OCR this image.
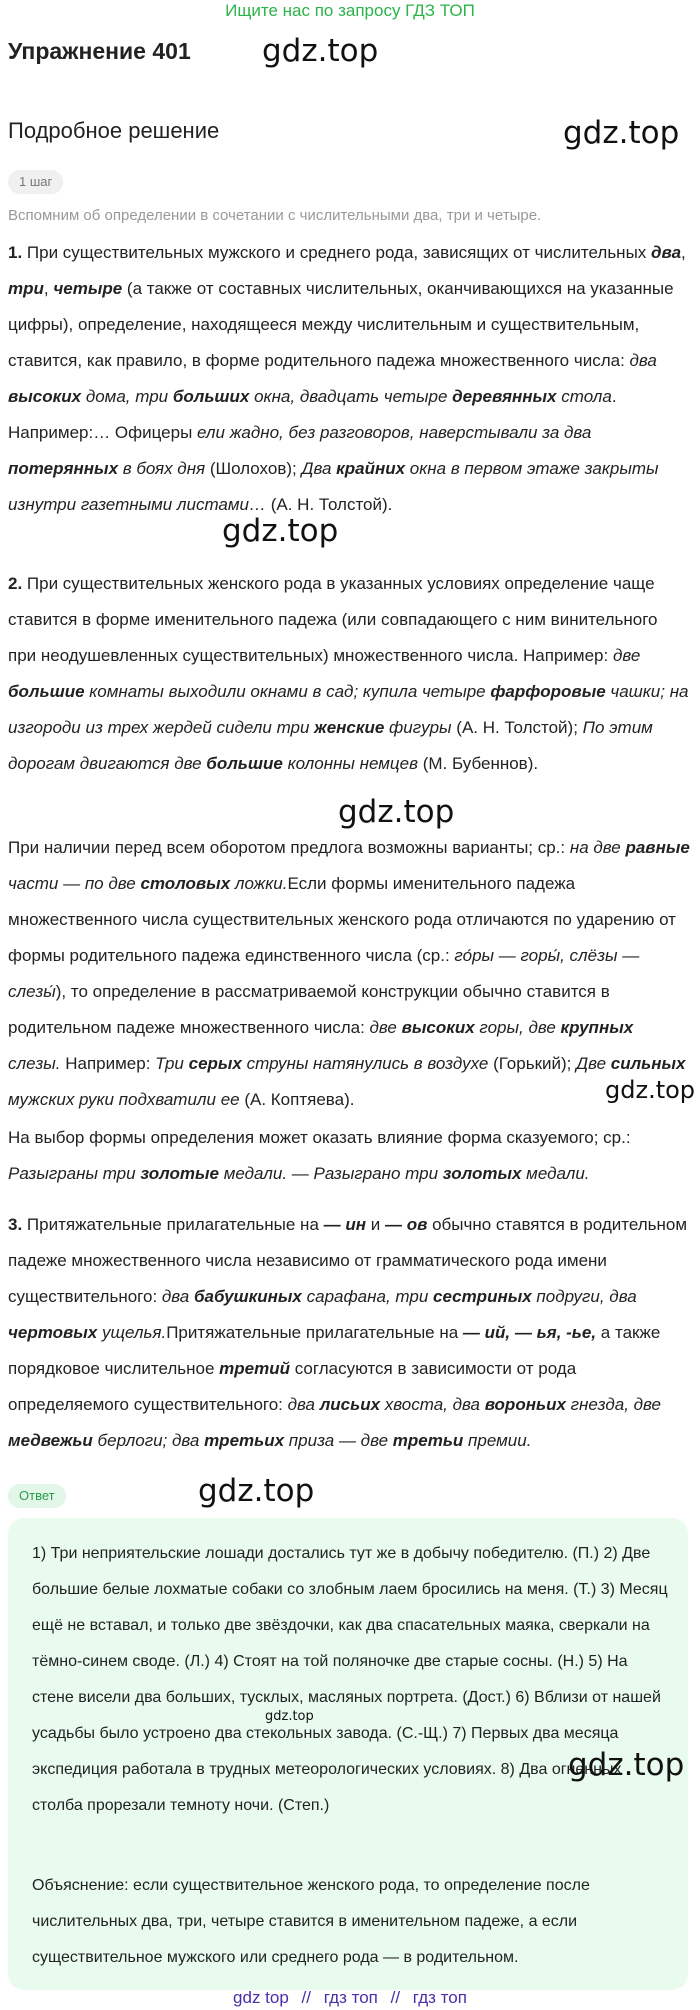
Ищите нас по запросу ГДЗ ТОП
Упражнение 401 gdz.top
Подробное решение	gdz.top
1 шаг
Вспомним об определении в сочетании с числительными два, три и четыре.
1. При существительных мужского и среднего рода, зависящих от числительных два, три, четыре (а также от составных числительных, оканчивающихся на указанные цифры), определение, находящееся между числительным и существительным, ставится, как правило, в форме родительного падежа множественного числа: два высоких дома, три больших окна, двадцать четыре деревянных стола. Например:… Офицеры ели жадно, без разговоров, наверстывали за два потерянных в боях дня (Шолохов); Два крайних окна в первом этаже закрыты изнутри газетными листами… (А. Н. Толстой).
gdz.top
2. При существительных женского рода в указанных условиях определение чаще ставится в форме именительного падежа (или совпадающего с ним винительного при неодушевленных существительных) множественного числа. Например: две большие комнаты выходили окнами в сад; купила четыре фарфоровые чашки; на изгороди из трех жердей сидели три женские фигуры (А. Н. Толстой); По этим дорогам двигаются две большие колонны немцев (М. Бубеннов).
gdz.top
При наличии перед всем оборотом предлога возможны варианты; ср.: на две равные части — по две столовых ложки.Если формы именительного падежа множественного числа существительных женского рода отличаются по ударению от формы родительного падежа единственного числа (ср.: го́ры — горы́, слёзы — слезы́), то определение в рассматриваемой конструкции обычно ставится в родительном падеже множественного числа: две высоких горы, две крупных слезы. Например: Три серых струны натянулись в воздухе (Горький); Две сильных мужских руки подхватили ее (А. Коптяева).	gdz.top
На выбор формы определения может оказать влияние форма сказуемого; ср.: Разыграны три золотые медали. — Разыграно три золотых медали.
3. Притяжательные прилагательные на — ин и — ов обычно ставятся в родительном падеже множественного числа независимо от грамматического рода имени существительного: два бабушкиных сарафана, три сестриных подруги, два чертовых ущелья.Притяжательные прилагательные на — ий, — ья, -ье, а также порядковое числительное третий согласуются в зависимости от рода определяемого существительного: два лисьих хвоста, два вороньих гнезда, две медвежьи берлоги; два третьих приза — две третьи премии.
Ответ	gdz.top
1) Три неприятельские лошади достались тут же в добычу победителю. (П.) 2) Две большие белые лохматые собаки со злобным лаем бросились на меня. (Т.) 3) Месяц ещё не вставал, и только две звёздочки, как два спасательных маяка, сверкали на тёмно-синем своде. (Л.) 4) Стоят на той поляночке две старые сосны. (Н.) 5) На стене висели два больших, тусклых, масляных портрета. (Дост.) 6) Вблизи от нашей усадьбы было устроено два стекольных завода. (С.-Щ.) 7) Первых два месяца экспедиция работала в трудных метеорологических условиях. 8) Два огненных столба прорезали темноту ночи. (Степ.)
Объяснение: если существительное женского рода, то определение после числительных два, три, четыре ставится в именительном падеже, а если существительное мужского или среднего рода — в родительном.
gdz.top
gdz.top
gdz top // гдз топ // гдз топ
